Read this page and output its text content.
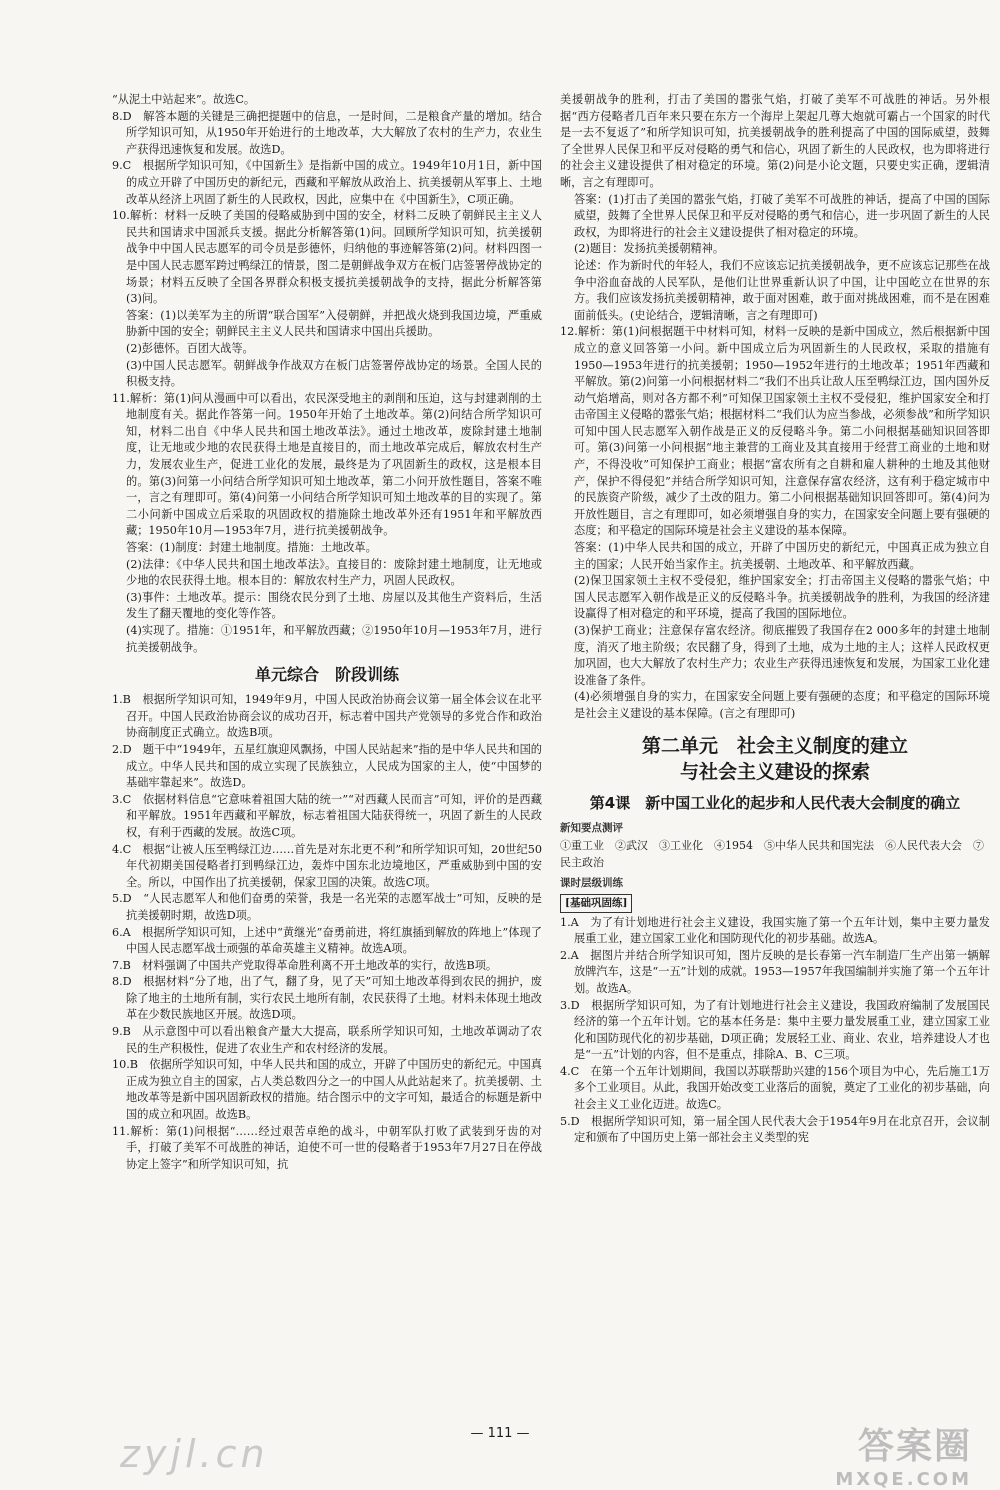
“从泥土中站起来”。故选C。

8.D　解答本题的关键是三确把提题中的信息，一是时间，二是粮食产量的增加。结合所学知识可知，从1950年开始进行的土地改革，大大解放了农村的生产力，农业生产获得迅速恢复和发展。故选D。

9.C　根据所学知识可知，《中国新生》是指新中国的成立。1949年10月1日，新中国的成立开辟了中国历史的新纪元，西藏和平解放从政治上、抗美援朝从军事上、土地改革从经济上巩固了新生的人民政权，因此，应集中在《中国新生》，C项正确。

10.解析：材料一反映了美国的侵略威胁到中国的安全，材料二反映了朝鲜民主主义人民共和国请求中国派兵支援。据此分析解答第(1)问。回顾所学知识可知，抗美援朝战争中中国人民志愿军的司令员是彭德怀，归纳他的事迹解答第(2)问。材料四图一是中国人民志愿军跨过鸭绿江的情景，图二是朝鲜战争双方在板门店签署停战协定的场景；材料五反映了全国各界群众积极支援抗美援朝战争的支持，据此分析解答第(3)问。

答案：(1)以美军为主的所谓“联合国军”入侵朝鲜，并把战火烧到我国边境，严重威胁新中国的安全；朝鲜民主主义人民共和国请求中国出兵援助。

(2)彭德怀。百团大战等。

(3)中国人民志愿军。朝鲜战争作战双方在板门店签署停战协定的场景。全国人民的积极支持。

11.解析：第(1)问从漫画中可以看出，农民深受地主的剥削和压迫，这与封建剥削的土地制度有关。据此作答第一问。1950年开始了土地改革。第(2)问结合所学知识可知，材料二出自《中华人民共和国土地改革法》。通过土地改革，废除封建土地制度，让无地或少地的农民获得土地是直接目的，而土地改革完成后，解放农村生产力，发展农业生产，促进工业化的发展，最终是为了巩固新生的政权，这是根本目的。第(3)问第一小问结合所学知识可知土地改革，第二小问开放性题目，答案不唯一，言之有理即可。第(4)问第一小问结合所学知识可知土地改革的目的实现了。第二小问新中国成立后采取的巩固政权的措施除土地改革外还有1951年和平解放西藏；1950年10月—1953年7月，进行抗美援朝战争。

答案：(1)制度：封建土地制度。措施：土地改革。

(2)法律：《中华人民共和国土地改革法》。直接目的：废除封建土地制度，让无地或少地的农民获得土地。根本目的：解放农村生产力，巩固人民政权。

(3)事件：土地改革。提示：围绕农民分到了土地、房屋以及其他生产资料后，生活发生了翻天覆地的变化等作答。

(4)实现了。措施：①1951年，和平解放西藏；②1950年10月—1953年7月，进行抗美援朝战争。

单元综合　阶段训练

1.B　根据所学知识可知，1949年9月，中国人民政治协商会议第一届全体会议在北平召开。中国人民政治协商会议的成功召开，标志着中国共产党领导的多党合作和政治协商制度正式确立。故选B项。

2.D　题干中“1949年，五星红旗迎风飘扬，中国人民站起来”指的是中华人民共和国的成立。中华人民共和国的成立实现了民族独立，人民成为国家的主人，使“中国梦的基础牢靠起来”。故选D。

3.C　依据材料信息“它意味着祖国大陆的统一”“对西藏人民而言”可知，评价的是西藏和平解放。1951年西藏和平解放，标志着祖国大陆获得统一，巩固了新生的人民政权，有利于西藏的发展。故选C项。

4.C　根据“让被人压至鸭绿江边……首先是对东北更不利”和所学知识可知，20世纪50年代初期美国侵略者打到鸭绿江边，轰炸中国东北边境地区，严重威胁到中国的安全。所以，中国作出了抗美援朝，保家卫国的决策。故选C项。

5.D　“人民志愿军人和他们奋勇的荣誉，我是一名光荣的志愿军战士”可知，反映的是抗美援朝时期，故选D项。

6.A　根据所学知识可知，上述中“黄继光”奋勇前进，将红旗插到解放的阵地上”体现了中国人民志愿军战士顽强的革命英雄主义精神。故选A项。

7.B　材料强调了中国共产党取得革命胜利离不开土地改革的实行，故选B项。

8.D　根据材料“分了地，出了气，翻了身，见了天”可知土地改革得到农民的拥护，废除了地主的土地所有制，实行农民土地所有制，农民获得了土地。材料未体现土地改革在少数民族地区开展。故选D项。

9.B　从示意图中可以看出粮食产量大大提高，联系所学知识可知，土地改革调动了农民的生产积极性，促进了农业生产和农村经济的发展。

10.B　依据所学知识可知，中华人民共和国的成立，开辟了中国历史的新纪元。中国真正成为独立自主的国家，占人类总数四分之一的中国人从此站起来了。抗美援朝、土地改革等是新中国巩固新政权的措施。结合图示中的文字可知，最适合的标题是新中国的成立和巩固。故选B。

11.解析：第(1)问根据“……经过艰苦卓绝的战斗，中朝军队打败了武装到牙齿的对手，打破了美军不可战胜的神话，迫使不可一世的侵略者于1953年7月27日在停战协定上签字”和所学知识可知，抗

美援朝战争的胜利，打击了美国的嚣张气焰，打破了美军不可战胜的神话。另外根据“西方侵略者几百年来只要在东方一个海岸上架起几尊大炮就可霸占一个国家的时代是一去不复返了”和所学知识可知，抗美援朝战争的胜利提高了中国的国际威望，鼓舞了全世界人民保卫和平反对侵略的勇气和信心，巩固了新生的人民政权，也为即将进行的社会主义建设提供了相对稳定的环境。第(2)问是小论文题，只要史实正确，逻辑清晰，言之有理即可。

答案：(1)打击了美国的嚣张气焰，打破了美军不可战胜的神话，提高了中国的国际威望，鼓舞了全世界人民保卫和平反对侵略的勇气和信心，进一步巩固了新生的人民政权，为即将进行的社会主义建设提供了相对稳定的环境。

(2)题目：发扬抗美援朝精神。

论述：作为新时代的年轻人，我们不应该忘记抗美援朝战争，更不应该忘记那些在战争中浴血奋战的人民军队，是他们让世界重新认识了中国，让中国屹立在世界的东方。我们应该发扬抗美援朝精神，敢于面对困难，敢于面对挑战困难，而不是在困难面前低头。(史论结合，逻辑清晰，言之有理即可)

12.解析：第(1)问根据题干中材料可知，材料一反映的是新中国成立，然后根据新中国成立的意义回答第一小问。新中国成立后为巩固新生的人民政权，采取的措施有1950—1953年进行的抗美援朝；1950—1952年进行的土地改革；1951年西藏和平解放。第(2)问第一小问根据材料二“我们不出兵让敌人压至鸭绿江边，国内国外反动气焰增高，则对各方都不利”可知保卫国家领土主权不受侵犯，维护国家安全和打击帝国主义侵略的嚣张气焰；根据材料二“我们认为应当参战，必须参战”和所学知识可知中国人民志愿军入朝作战是正义的反侵略斗争。第二小问根据基础知识回答即可。第(3)问第一小问根据“地主兼营的工商业及其直接用于经营工商业的土地和财产，不得没收”可知保护工商业；根据“富农所有之自耕和雇人耕种的土地及其他财产，保护不得侵犯”并结合所学知识可知，注意保存富农经济，这有利于稳定城市中的民族资产阶级，减少了土改的阻力。第二小问根据基础知识回答即可。第(4)问为开放性题目，言之有理即可，如必须增强自身的实力，在国家安全问题上要有强硬的态度；和平稳定的国际环境是社会主义建设的基本保障。

答案：(1)中华人民共和国的成立，开辟了中国历史的新纪元，中国真正成为独立自主的国家；人民开始当家作主。抗美援朝、土地改革、和平解放西藏。

(2)保卫国家领土主权不受侵犯，维护国家安全；打击帝国主义侵略的嚣张气焰；中国人民志愿军入朝作战是正义的反侵略斗争。抗美援朝战争的胜利，为我国的经济建设赢得了相对稳定的和平环境，提高了我国的国际地位。

(3)保护工商业；注意保存富农经济。彻底摧毁了我国存在2 000多年的封建土地制度，消灭了地主阶级；农民翻了身，得到了土地，成为土地的主人；这样人民政权更加巩固，也大大解放了农村生产力；农业生产获得迅速恢复和发展，为国家工业化建设准备了条件。

(4)必须增强自身的实力，在国家安全问题上要有强硬的态度；和平稳定的国际环境是社会主义建设的基本保障。(言之有理即可)

第二单元　社会主义制度的建立
与社会主义建设的探索
第4课　新中国工业化的起步和人民代表大会制度的确立
新知要点测评
①重工业　②武汉　③工业化　④1954　⑤中华人民共和国宪法　⑥人民代表大会　⑦民主政治
课时层级训练
[基础巩固练]

1.A　为了有计划地进行社会主义建设，我国实施了第一个五年计划，集中主要力量发展重工业，建立国家工业化和国防现代化的初步基础。故选A。

2.A　据图片并结合所学知识可知，图片反映的是长春第一汽车制造厂生产出第一辆解放牌汽车，这是“一五”计划的成就。1953—1957年我国编制并实施了第一个五年计划。故选A。

3.D　根据所学知识可知，为了有计划地进行社会主义建设，我国政府编制了发展国民经济的第一个五年计划。它的基本任务是：集中主要力量发展重工业，建立国家工业化和国防现代化的初步基础，D项正确；发展轻工业、商业、农业，培养建设人才也是“一五”计划的内容，但不是重点，排除A、B、C三项。

4.C　在第一个五年计划期间，我国以苏联帮助兴建的156个项目为中心，先后施工1万多个工业项目。从此，我国开始改变工业落后的面貌，奠定了工业化的初步基础，向社会主义工业化迈进。故选C。

5.D　根据所学知识可知，第一届全国人民代表大会于1954年9月在北京召开，会议制定和颁布了中国历史上第一部社会主义类型的宪

— 111 —
zyjl.cn	答案圈
MXQE.COM
